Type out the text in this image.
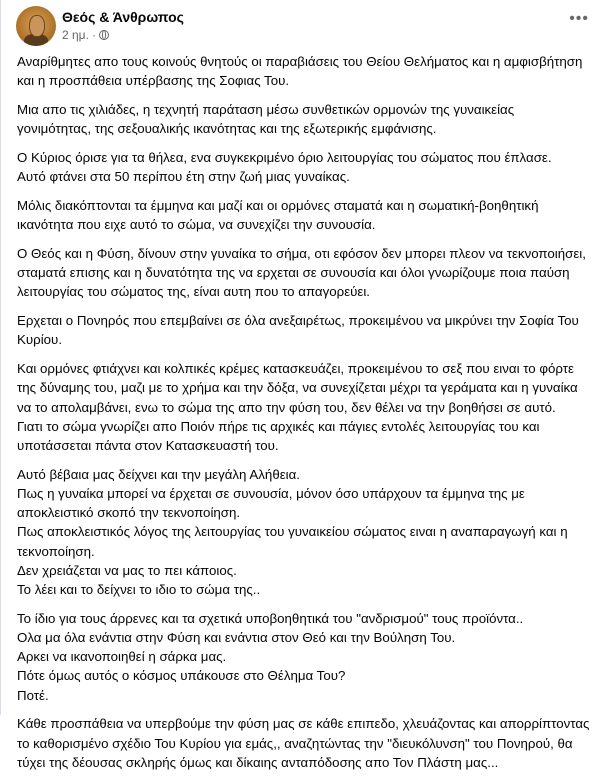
Θεός & Άνθρωπος
2 ημ. ·
•••
Αναρίθμητες απο τους κοινούς θνητούς οι παραβιάσεις του Θείου Θελήματος και η αμφισβήτηση
και η προσπάθεια υπέρβασης της Σοφιας Του.
Μια απο τις χιλιάδες, η τεχνητή παράταση μέσω συνθετικών ορμονών της γυναικείας
γονιμότητας, της σεξουαλικής ικανότητας και της εξωτερικής εμφάνισης.
Ο Κύριος όρισε για τα θήλεα, ενα συγκεκριμένο όριο λειτουργίας του σώματος που έπλασε.
Αυτό φτάνει στα 50 περίπου έτη στην ζωή μιας γυναίκας.
Μόλις διακόπτονται τα έμμηνα και μαζί και οι ορμόνες σταματά και η σωματική-βοηθητική
ικανότητα που ειχε αυτό το σώμα, να συνεχίζει την συνουσία.
Ο Θεός και η Φύση, δίνουν στην γυναίκα το σήμα, οτι εφόσον δεν μπορει πλεον να τεκνοποιήσει,
σταματά επισης και η δυνατότητα της να ερχεται σε συνουσία και όλοι γνωρίζουμε ποια παύση
λειτουργίας του σώματος της, είναι αυτη που το απαγορεύει.
Ερχεται ο Πονηρός που επεμβαίνει σε όλα ανεξαιρέτως, προκειμένου να μικρύνει την Σοφία Του
Κυρίου.
Και ορμόνες φτιάχνει και κολπικές κρέμες κατασκευάζει, προκειμένου το σεξ που ειναι το φόρτε
της δύναμης του, μαζι με το χρήμα και την δόξα, να συνεχίζεται μέχρι τα γεράματα και η γυναίκα
να το απολαμβάνει, ενω το σώμα της απο την φύση του, δεν θέλει να την βοηθήσει σε αυτό.
Γιατι το σώμα γνωρίζει απο Ποιόν πήρε τις αρχικές και πάγιες εντολές λειτουργίας του και
υποτάσσεται πάντα στον Κατασκευαστή του.
Αυτό βέβαια μας δείχνει και την μεγάλη Αλήθεια.
Πως η γυναίκα μπορεί να έρχεται σε συνουσία, μόνον όσο υπάρχουν τα έμμηνα της με
αποκλειστικό σκοπό την τεκνοποίηση.
Πως αποκλειστικός λόγος της λειτουργίας του γυναικείου σώματος ειναι η αναπαραγωγή και η
τεκνοποίηση.
Δεν χρειάζεται να μας το πει κάποιος.
Το λέει και το δείχνει το ιδιο το σώμα της..
Το ίδιο για τους άρρενες και τα σχετικά υποβοηθητικά του "ανδρισμού" τους προϊόντα..
Ολα μα όλα ενάντια στην Φύση και ενάντια στον Θεό και την Βούληση Του.
Αρκει να ικανοποιηθεί η σάρκα μας.
Πότε όμως αυτός ο κόσμος υπάκουσε στο Θέλημα Του?
Ποτέ.
Κάθε προσπάθεια να υπερβούμε την φύση μας σε κάθε επιπεδο, χλευάζοντας και απορρίπτοντας
το καθορισμένο σχέδιο Του Κυρίου για εμάς,, αναζητώντας την "διευκόλυνση" του Πονηρού, θα
τύχει της δέουσας σκληρής όμως και δίκαιης ανταπόδοσης απο Τον Πλάστη μας...
